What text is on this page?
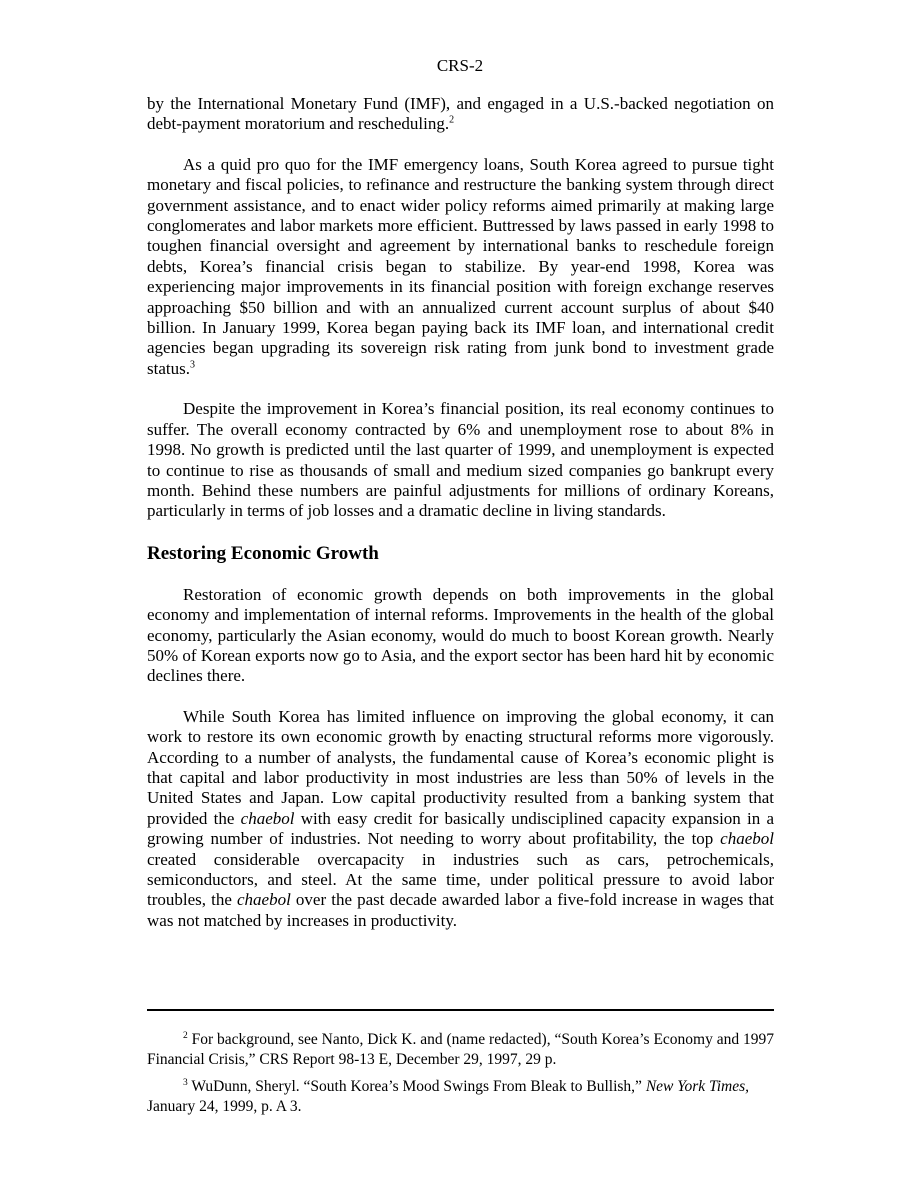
CRS-2

by the International Monetary Fund (IMF), and engaged in a U.S.-backed negotiation on debt-payment moratorium and rescheduling.$^2$

As a quid pro quo for the IMF emergency loans, South Korea agreed to pursue tight monetary and fiscal policies, to refinance and restructure the banking system through direct government assistance, and to enact wider policy reforms aimed primarily at making large conglomerates and labor markets more efficient. Buttressed by laws passed in early 1998 to toughen financial oversight and agreement by international banks to reschedule foreign debts, Korea’s financial crisis began to stabilize. By year-end 1998, Korea was experiencing major improvements in its financial position with foreign exchange reserves approaching $50 billion and with an annualized current account surplus of about $40 billion. In January 1999, Korea began paying back its IMF loan, and international credit agencies began upgrading its sovereign risk rating from junk bond to investment grade status.$^3$

Despite the improvement in Korea’s financial position, its real economy continues to suffer. The overall economy contracted by 6% and unemployment rose to about 8% in 1998. No growth is predicted until the last quarter of 1999, and unemployment is expected to continue to rise as thousands of small and medium sized companies go bankrupt every month. Behind these numbers are painful adjustments for millions of ordinary Koreans, particularly in terms of job losses and a dramatic decline in living standards.

Restoring Economic Growth

Restoration of economic growth depends on both improvements in the global economy and implementation of internal reforms. Improvements in the health of the global economy, particularly the Asian economy, would do much to boost Korean growth. Nearly 50% of Korean exports now go to Asia, and the export sector has been hard hit by economic declines there.

While South Korea has limited influence on improving the global economy, it can work to restore its own economic growth by enacting structural reforms more vigorously. According to a number of analysts, the fundamental cause of Korea’s economic plight is that capital and labor productivity in most industries are less than 50% of levels in the United States and Japan. Low capital productivity resulted from a banking system that provided the chaebol with easy credit for basically undisciplined capacity expansion in a growing number of industries. Not needing to worry about profitability, the top chaebol created considerable overcapacity in industries such as cars, petrochemicals, semiconductors, and steel. At the same time, under political pressure to avoid labor troubles, the chaebol over the past decade awarded labor a five-fold increase in wages that was not matched by increases in productivity.

$^2$ For background, see Nanto, Dick K. and (name redacted), “South Korea’s Economy and 1997 Financial Crisis,” CRS Report 98-13 E, December 29, 1997, 29 p.

$^3$ WuDunn, Sheryl. “South Korea’s Mood Swings From Bleak to Bullish,” New York Times, January 24, 1999, p. A 3.
